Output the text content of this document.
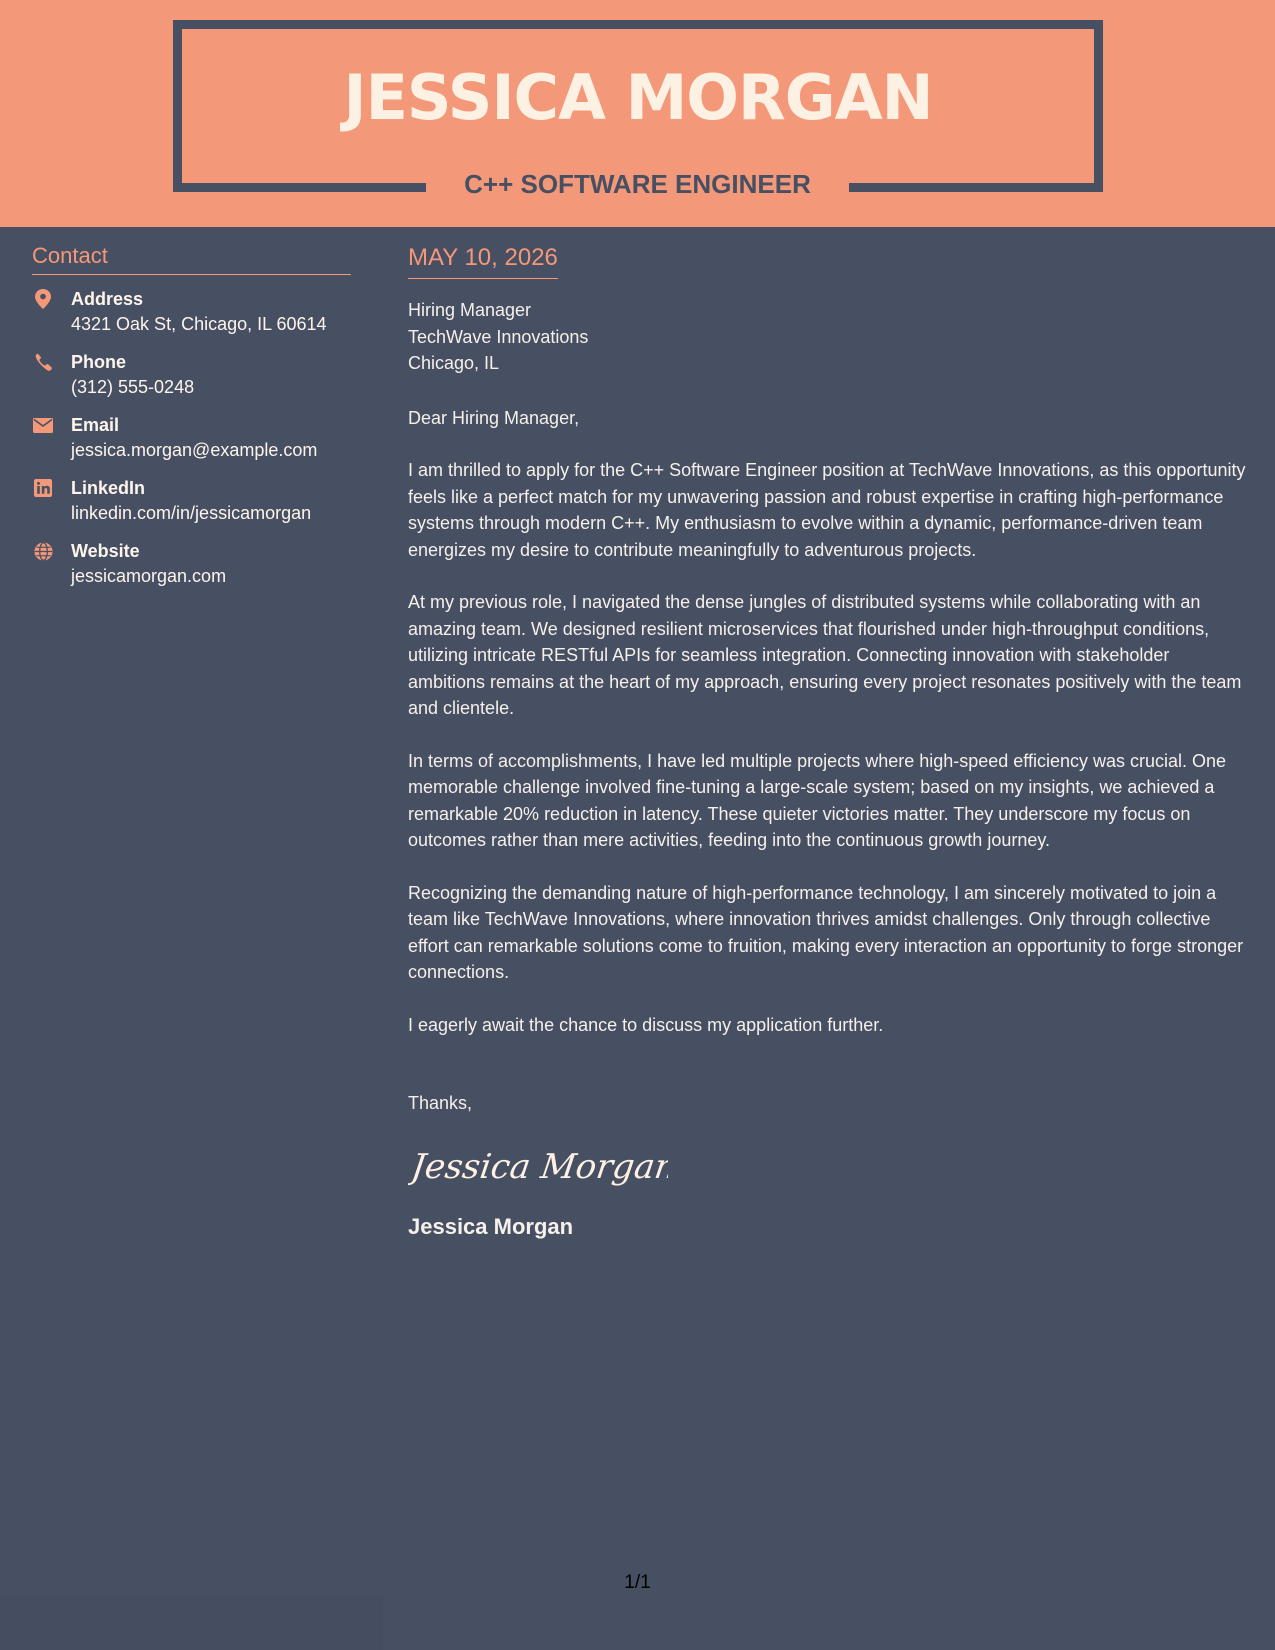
JESSICA MORGAN
C++ SOFTWARE ENGINEER
Contact
Address
4321 Oak St, Chicago, IL 60614
Phone
(312) 555-0248
Email
jessica.morgan@example.com
LinkedIn
linkedin.com/in/jessicamorgan
Website
jessicamorgan.com
MAY 10, 2026
Hiring Manager
TechWave Innovations
Chicago, IL
Dear Hiring Manager,
I am thrilled to apply for the C++ Software Engineer position at TechWave Innovations, as this opportunity feels like a perfect match for my unwavering passion and robust expertise in crafting high-performance systems through modern C++. My enthusiasm to evolve within a dynamic, performance-driven team energizes my desire to contribute meaningfully to adventurous projects.
At my previous role, I navigated the dense jungles of distributed systems while collaborating with an amazing team. We designed resilient microservices that flourished under high-throughput conditions, utilizing intricate RESTful APIs for seamless integration. Connecting innovation with stakeholder ambitions remains at the heart of my approach, ensuring every project resonates positively with the team and clientele.
In terms of accomplishments, I have led multiple projects where high-speed efficiency was crucial. One memorable challenge involved fine-tuning a large-scale system; based on my insights, we achieved a remarkable 20% reduction in latency. These quieter victories matter. They underscore my focus on outcomes rather than mere activities, feeding into the continuous growth journey.
Recognizing the demanding nature of high-performance technology, I am sincerely motivated to join a team like TechWave Innovations, where innovation thrives amidst challenges. Only through collective effort can remarkable solutions come to fruition, making every interaction an opportunity to forge stronger connections.
I eagerly await the chance to discuss my application further.
Thanks,
Jessica Morgan
Jessica Morgan
1/1
